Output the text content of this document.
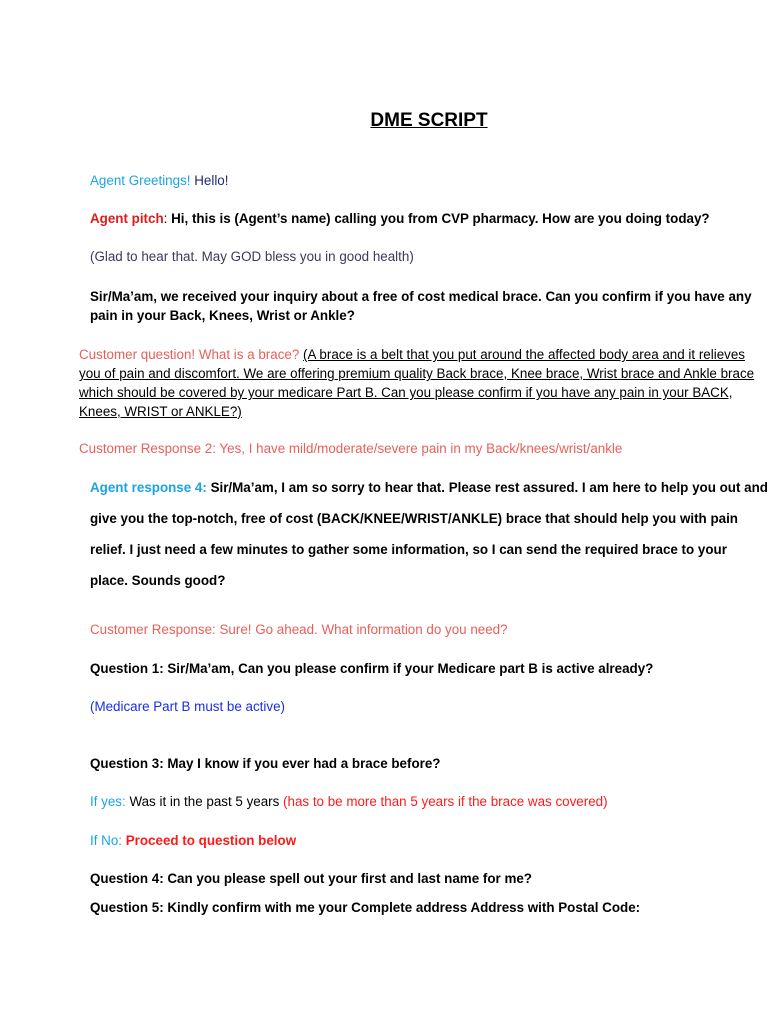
DME SCRIPT
Agent Greetings! Hello!
Agent pitch: Hi, this is (Agent’s name) calling you from CVP pharmacy. How are you doing today?
(Glad to hear that. May GOD bless you in good health)
Sir/Ma’am, we received your inquiry about a free of cost medical brace. Can you confirm if you have any pain in your Back, Knees, Wrist or Ankle?
Customer question! What is a brace? (A brace is a belt that you put around the affected body area and it relieves you of pain and discomfort. We are offering premium quality Back brace, Knee brace, Wrist brace and Ankle brace which should be covered by your medicare Part B. Can you please confirm if you have any pain in your BACK, Knees, WRIST or ANKLE?)
Customer Response 2: Yes, I have mild/moderate/severe pain in my Back/knees/wrist/ankle
Agent response 4: Sir/Ma’am, I am so sorry to hear that. Please rest assured. I am here to help you out and give you the top-notch, free of cost (BACK/KNEE/WRIST/ANKLE) brace that should help you with pain relief. I just need a few minutes to gather some information, so I can send the required brace to your place. Sounds good?
Customer Response: Sure! Go ahead. What information do you need?
Question 1: Sir/Ma’am, Can you please confirm if your Medicare part B is active already?
(Medicare Part B must be active)
Question 3: May I know if you ever had a brace before?
If yes: Was it in the past 5 years (has to be more than 5 years if the brace was covered)
If No: Proceed to question below
Question 4: Can you please spell out your first and last name for me?
Question 5: Kindly confirm with me your Complete address Address with Postal Code:
